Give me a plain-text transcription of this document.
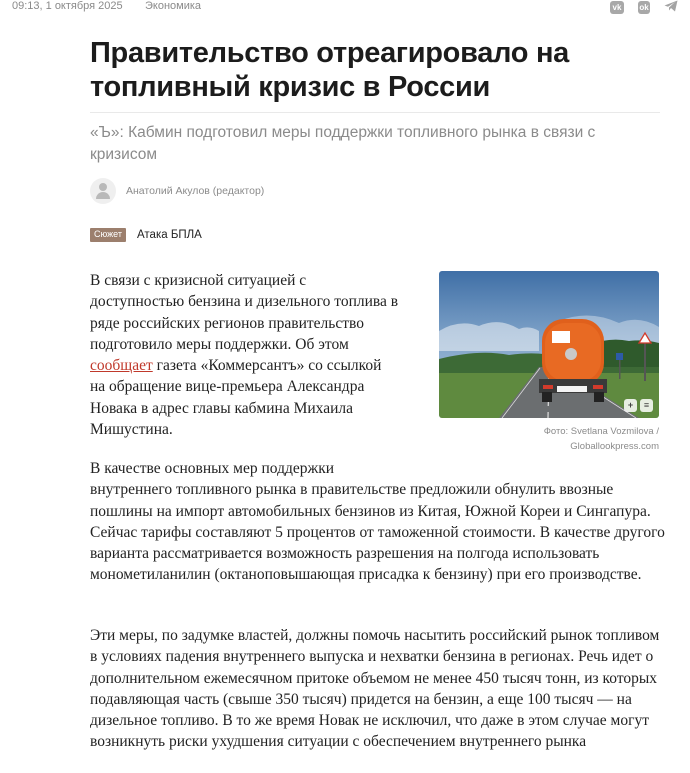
09:13, 1 октября 2025 Экономика	vk	ok
Правительство отреагировало на топливный кризис в России

«Ъ»: Кабмин подготовил меры поддержки топливного рынка в связи с кризисом

Анатолий Акулов (редактор)
Сюжет	Атака БПЛА

В связи с кризисной ситуацией с доступностью бензина и дизельного топлива в ряде российских регионов правительство подготовило меры поддержки. Об этом сообщает газета «Коммерсантъ» со ссылкой на обращение вице-премьера Александра Новака в адрес главы кабмина Михаила Мишустина.

+	≡
Фото: Svetlana Vozmilova /
Globallookpress.com

В качестве основных мер поддержки
внутреннего топливного рынка в правительстве предложили обнулить ввозные пошлины на импорт автомобильных бензинов из Китая, Южной Кореи и Сингапура. Сейчас тарифы составляют 5 процентов от таможенной стоимости. В качестве другого варианта рассматривается возможность разрешения на полгода использовать монометиланилин (октаноповышающая присадка к бензину) при его производстве.

Эти меры, по задумке властей, должны помочь насытить российский рынок топливом в условиях падения внутреннего выпуска и нехватки бензина в регионах. Речь идет о дополнительном ежемесячном притоке объемом не менее 450 тысяч тонн, из которых подавляющая часть (свыше 350 тысяч) придется на бензин, а еще 100 тысяч — на дизельное топливо. В то же время Новак не исключил, что даже в этом случае могут возникнуть риски ухудшения ситуации с обеспечением внутреннего рынка
